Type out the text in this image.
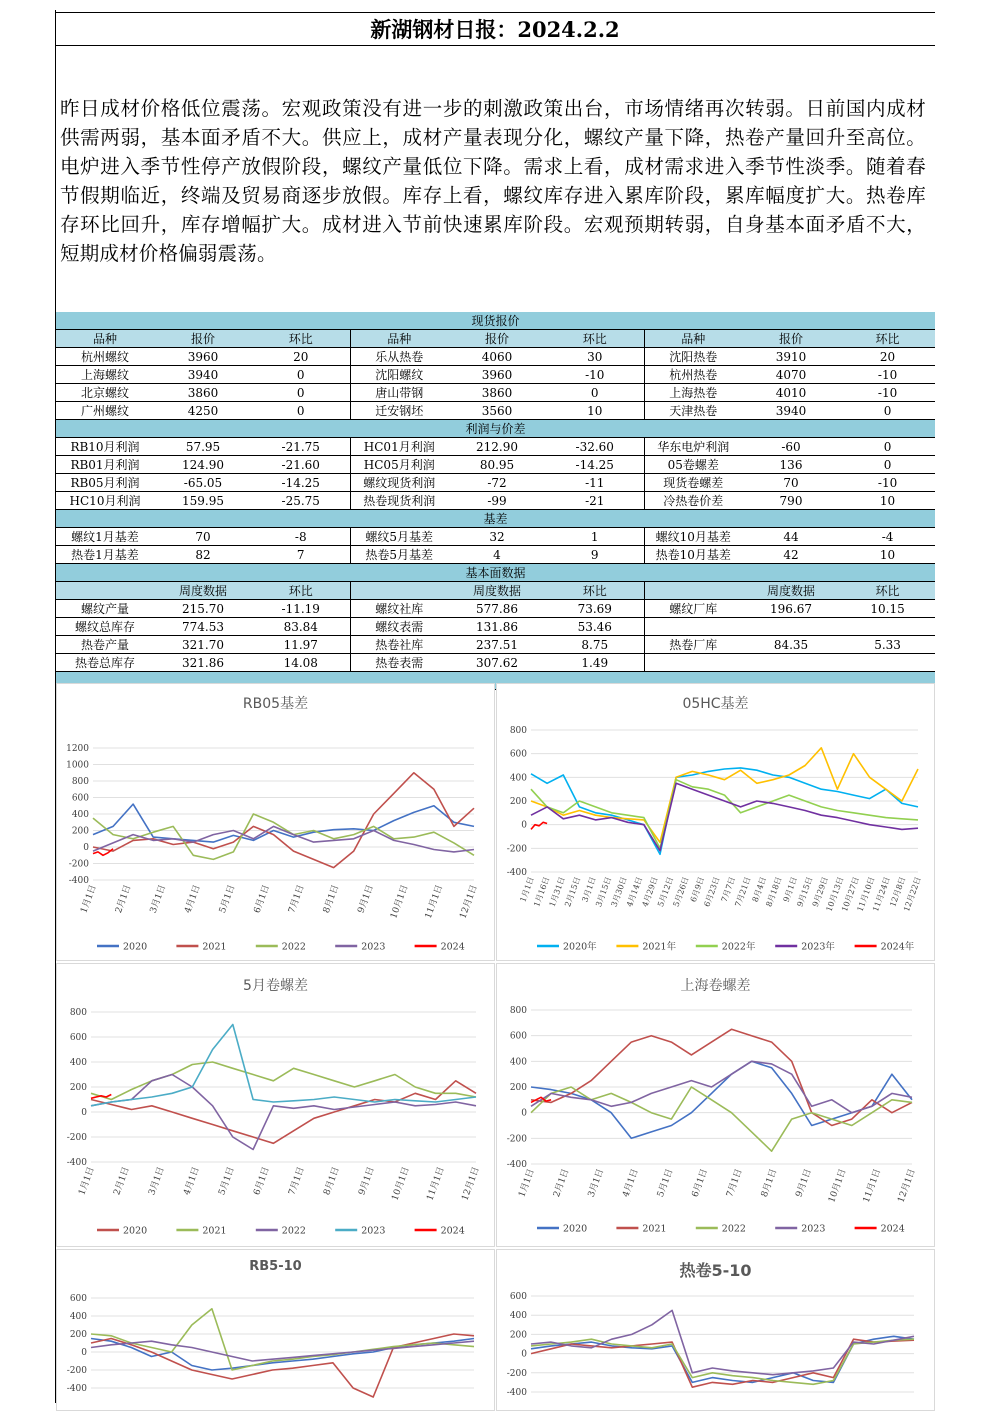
新湖钢材日报：2024.2.2
昨日成材价格低位震荡。宏观政策没有进一步的刺激政策出台，市场情绪再次转弱。日前国内成材供需两弱，基本面矛盾不大。供应上，成材产量表现分化，螺纹产量下降，热卷产量回升至高位。电炉进入季节性停产放假阶段，螺纹产量低位下降。需求上看，成材需求进入季节性淡季。随着春节假期临近，终端及贸易商逐步放假。库存上看，螺纹库存进入累库阶段，累库幅度扩大。热卷库存环比回升，库存增幅扩大。成材进入节前快速累库阶段。宏观预期转弱，自身基本面矛盾不大，短期成材价格偏弱震荡。
现货报价								
品种	报价	环比	品种	报价	环比	品种	报价	环比
杭州螺纹	3960	20	乐从热卷	4060	30	沈阳热卷	3910	20
上海螺纹	3940	0	沈阳螺纹	3960	-10	杭州热卷	4070	-10
北京螺纹	3860	0	唐山带钢	3860	0	上海热卷	4010	-10
广州螺纹	4250	0	迁安钢坯	3560	10	天津热卷	3940	0
利润与价差								
RB10月利润	57.95	-21.75	HC01月利润	212.90	-32.60	华东电炉利润	-60	0
RB01月利润	124.90	-21.60	HC05月利润	80.95	-14.25	05卷螺差	136	0
RB05月利润	-65.05	-14.25	螺纹现货利润	-72	-11	现货卷螺差	70	-10
HC10月利润	159.95	-25.75	热卷现货利润	-99	-21	冷热卷价差	790	10
基差								
螺纹1月基差	70	-8	螺纹5月基差	32	1	螺纹10月基差	44	-4
热卷1月基差	82	7	热卷5月基差	4	9	热卷10月基差	42	10
基本面数据								
	周度数据	环比		周度数据	环比		周度数据	环比
螺纹产量	215.70	-11.19	螺纹社库	577.86	73.69	螺纹厂库	196.67	10.15
螺纹总库存	774.53	83.84	螺纹表需	131.86	53.46			
热卷产量	321.70	11.97	热卷社库	237.51	8.75	热卷厂库	84.35	5.33
热卷总库存	321.86	14.08	热卷表需	307.62	1.49			

RB05基差
1200
1000
800
600
400
200
0
-200
-400
1月1日 2月1日 3月1日 4月1日 5月1日 6月1日 7月1日 8月1日 9月1日 10月1日 11月1日 12月1日
2020	2021	2022	2023	2024
05HC基差
800
600
400
200
0
-200
-400
1月1日
1月16日
1月31日
2月15日
3月1日
3月15日
3月30日
4月14日
4月29日
5月12日
5月26日
6月9日
6月23日
7月7日
7月21日
8月4日
8月18日
9月1日
9月15日
9月29日
10月13日
10月27日
11月10日
11月24日
12月8日
12月22日
2020年	2021年	2022年	2023年	2024年
5月卷螺差
800
600
400
200
0
-200
-400
1月1日 2月1日 3月1日 4月1日 5月1日 6月1日 7月1日 8月1日 9月1日 10月1日 11月1日 12月1日
2020	2021	2022	2023	2024
上海卷螺差
800
600
400
200
0
-200
-400
1月1日 2月1日 3月1日 4月1日 5月1日 6月1日 7月1日 8月1日 9月1日 10月1日 11月1日 12月1日
2020	2021	2022	2023	2024
RB5-10
600
400
200
0
-200
-400
热卷5-10
600
400
200
0
-200
-400
